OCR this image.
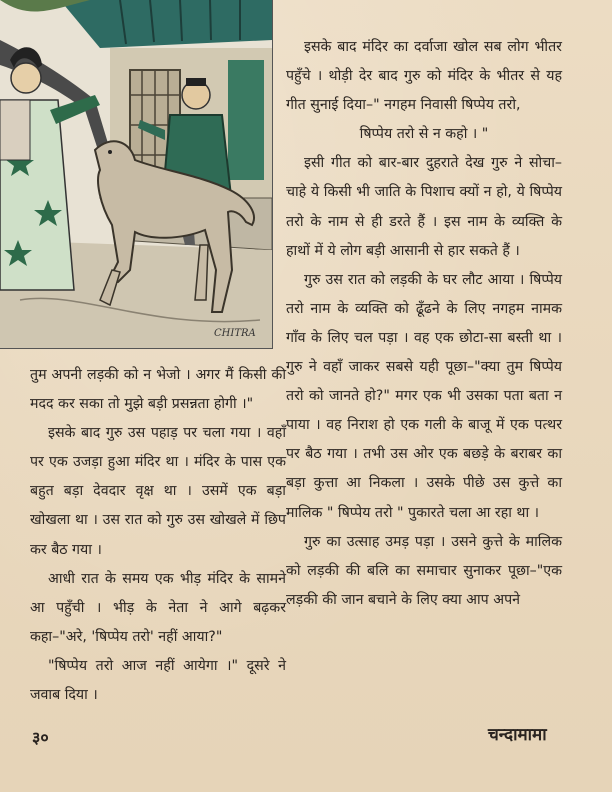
CHITRA

इसके बाद मंदिर का दर्वाजा खोल सब लोग भीतर पहुँचे । थोड़ी देर बाद गुरु को मंदिर के भीतर से यह गीत सुनाई दिया–" नगहम निवासी षिप्पेय तरो,

षिप्पेय तरो से न कहो । "

इसी गीत को बार-बार दुहराते देख गुरु ने सोचा–चाहे ये किसी भी जाति के पिशाच क्यों न हो, ये षिप्पेय तरो के नाम से ही डरते हैं । इस नाम के व्यक्ति के हाथों में ये लोग बड़ी आसानी से हार सकते हैं ।

गुरु उस रात को लड़की के घर लौट आया । षिप्पेय तरो नाम के व्यक्ति को ढूँढने के लिए नगहम नामक गाँव के लिए चल पड़ा । वह एक छोटा-सा बस्ती था । गुरु ने वहाँ जाकर सबसे यही पूछा–"क्या तुम षिप्पेय तरो को जानते हो?" मगर एक भी उसका पता बता न पाया । वह निराश हो एक गली के बाजू में एक पत्थर पर बैठ गया । तभी उस ओर एक बछड़े के बराबर का बड़ा कुत्ता आ निकला । उसके पीछे उस कुत्ते का मालिक " षिप्पेय तरो " पुकारते चला आ रहा था ।

गुरु का उत्साह उमड़ पड़ा । उसने कुत्ते के मालिक को लड़की की बलि का समाचार सुनाकर पूछा–"एक लड़की की जान बचाने के लिए क्या आप अपने

तुम अपनी लड़की को न भेजो । अगर मैं किसी की मदद कर सका तो मुझे बड़ी प्रसन्नता होगी ।"

इसके बाद गुरु उस पहाड़ पर चला गया । वहाँ पर एक उजड़ा हुआ मंदिर था । मंदिर के पास एक बहुत बड़ा देवदार वृक्ष था । उसमें एक बड़ा खोखला था । उस रात को गुरु उस खोखले में छिप कर बैठ गया ।

आधी रात के समय एक भीड़ मंदिर के सामने आ पहुँची । भीड़ के नेता ने आगे बढ़कर कहा–"अरे, 'षिप्पेय तरो' नहीं आया?"

"षिप्पेय तरो आज नहीं आयेगा ।" दूसरे ने जवाब दिया ।

३०	चन्दामामा
